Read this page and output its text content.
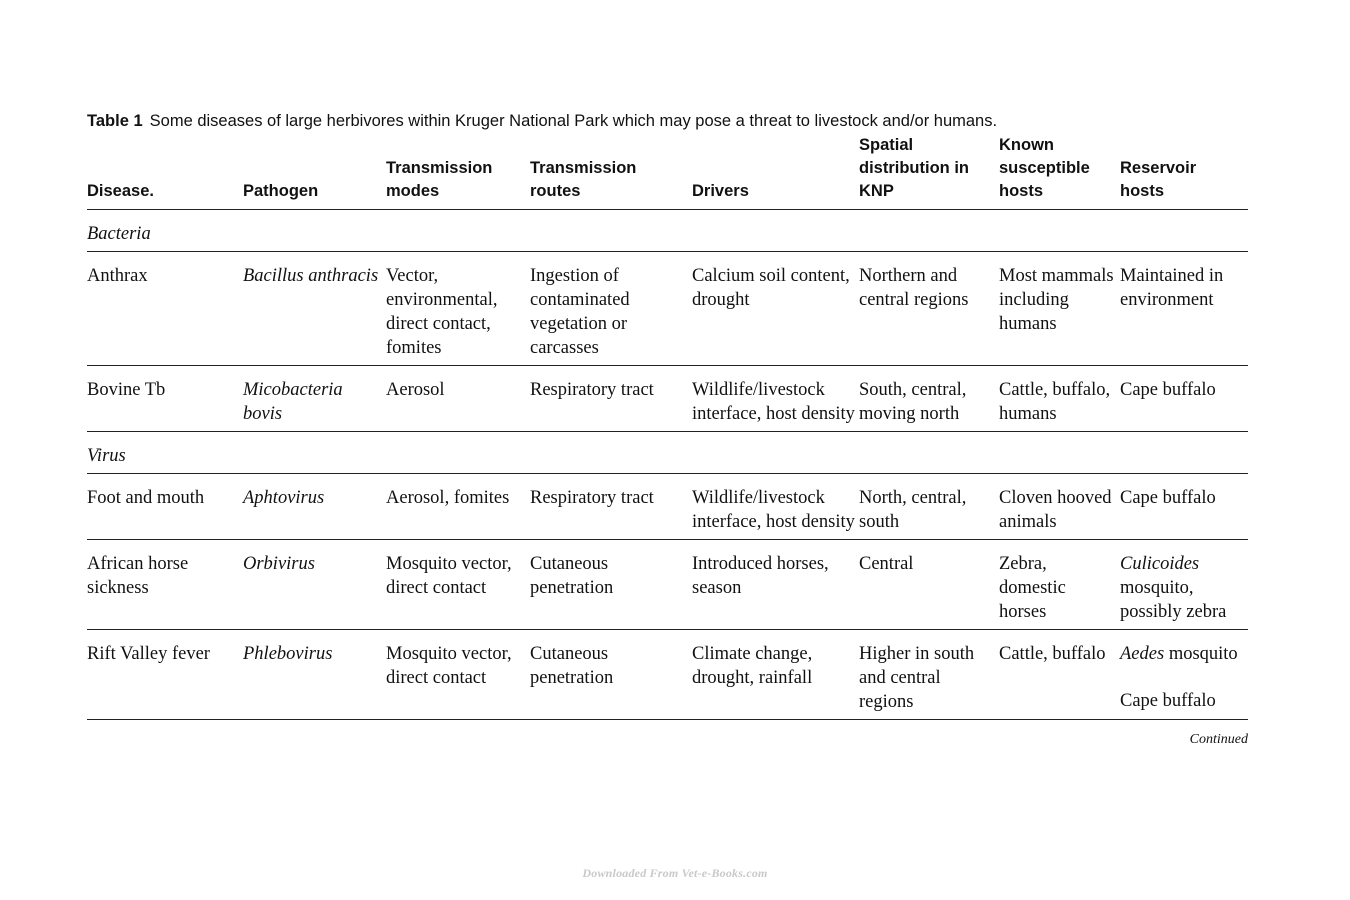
Table 1 Some diseases of large herbivores within Kruger National Park which may pose a threat to livestock and/or humans.
Disease.	Pathogen	Transmission modes	Transmission routes	Drivers	Spatial distribution in KNP	Known susceptible hosts	Reservoir hosts
Bacteria							
Anthrax	Bacillus anthracis	Vector, environmental, direct contact, fomites	Ingestion of contaminated vegetation or carcasses	Calcium soil content, drought	Northern and central regions	Most mammals including humans	Maintained in environment
Bovine Tb	Micobacteria bovis	Aerosol	Respiratory tract	Wildlife/livestock interface, host density	South, central, moving north	Cattle, buffalo, humans	Cape buffalo
Virus							
Foot and mouth	Aphtovirus	Aerosol, fomites	Respiratory tract	Wildlife/livestock interface, host density	North, central, south	Cloven hooved animals	Cape buffalo
African horse sickness	Orbivirus	Mosquito vector, direct contact	Cutaneous penetration	Introduced horses, season	Central	Zebra, domestic horses	Culicoides mosquito, possibly zebra
Rift Valley fever	Phlebovirus	Mosquito vector, direct contact	Cutaneous penetration	Climate change, drought, rainfall	Higher in south and central regions	Cattle, buffalo	Aedes mosquito
Cape buffalo
Continued
Downloaded From Vet-e-Books.com
